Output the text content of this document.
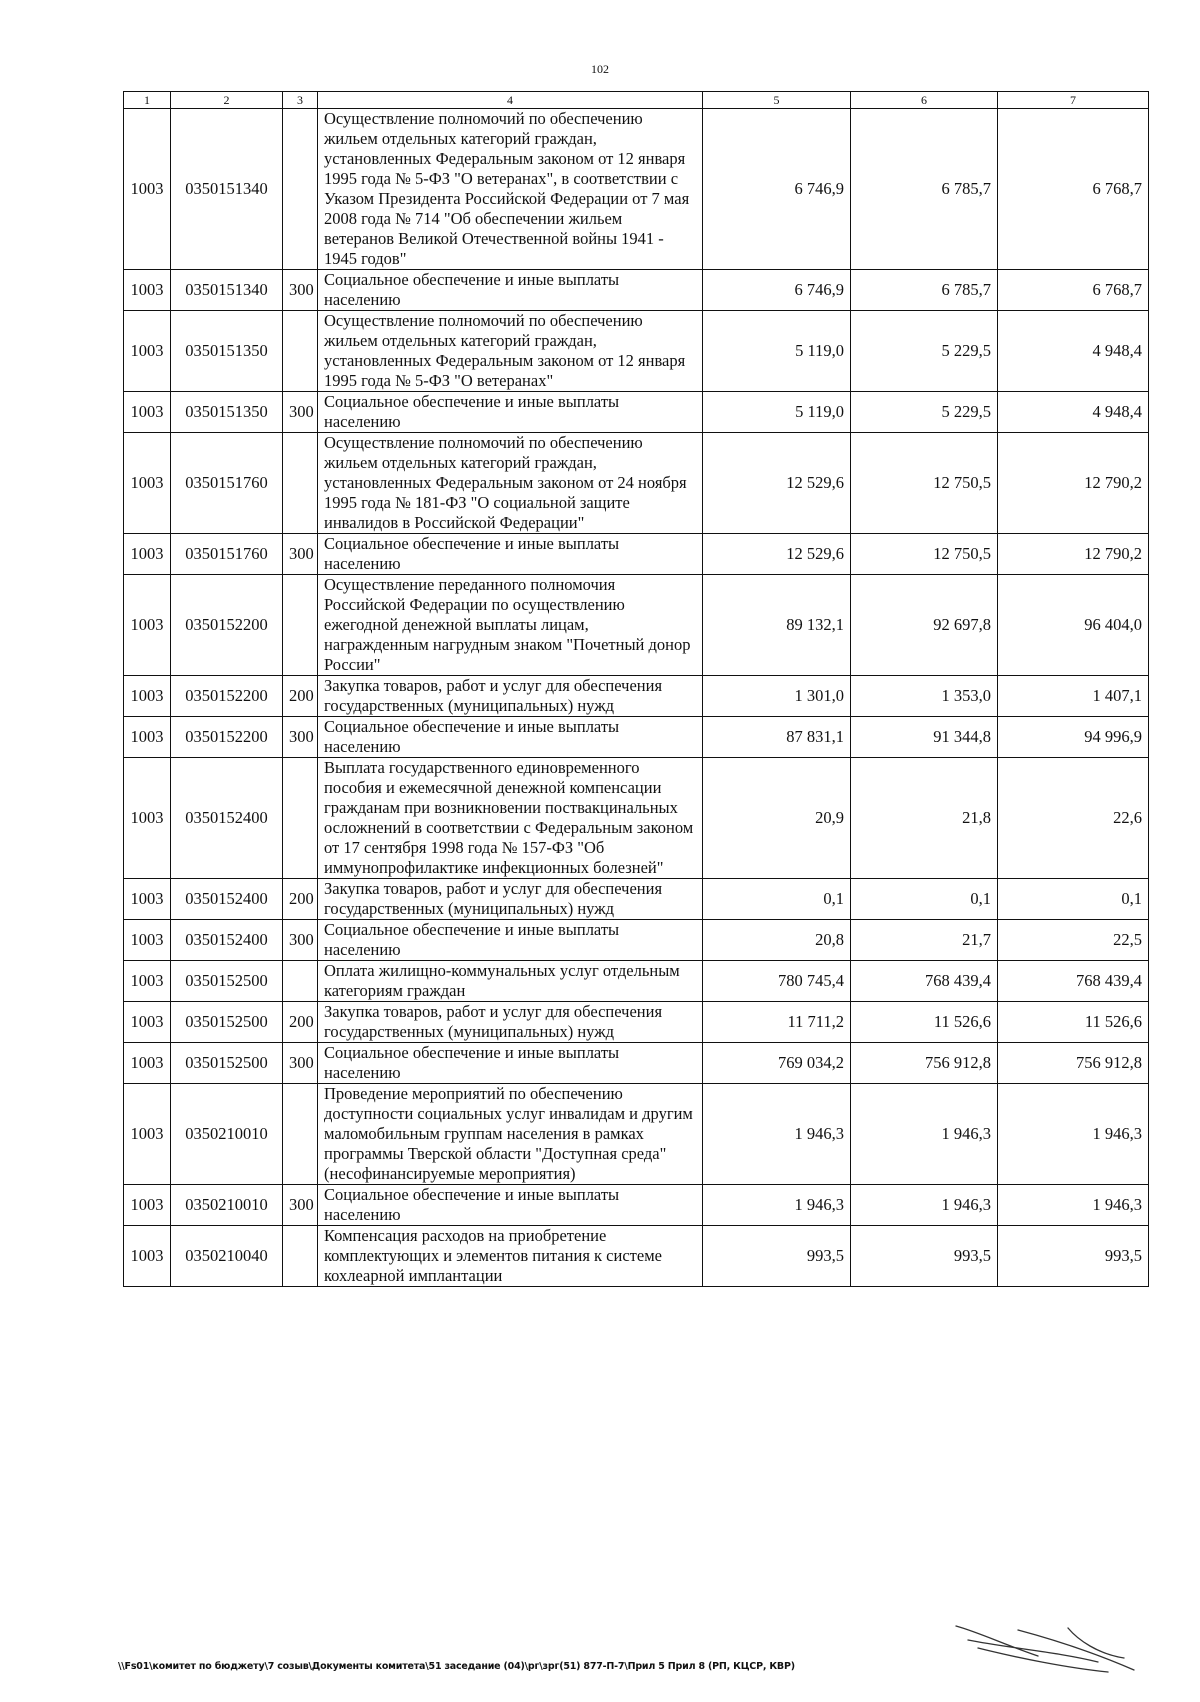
102
1	2	3	4	5	6	7
1003	0350151340		Осуществление полномочий по обеспечению жильем отдельных категорий граждан, установленных Федеральным законом от 12 января 1995 года № 5-ФЗ "О ветеранах", в соответствии с Указом Президента Российской Федерации от 7 мая 2008 года № 714 "Об обеспечении жильем ветеранов Великой Отечественной войны 1941 - 1945 годов"	6 746,9	6 785,7	6 768,7
1003	0350151340	300	Социальное обеспечение и иные выплаты населению	6 746,9	6 785,7	6 768,7
1003	0350151350		Осуществление полномочий по обеспечению жильем отдельных категорий граждан, установленных Федеральным законом от 12 января 1995 года № 5-ФЗ "О ветеранах"	5 119,0	5 229,5	4 948,4
1003	0350151350	300	Социальное обеспечение и иные выплаты населению	5 119,0	5 229,5	4 948,4
1003	0350151760		Осуществление полномочий по обеспечению жильем отдельных категорий граждан, установленных Федеральным законом от 24 ноября 1995 года № 181-ФЗ "О социальной защите инвалидов в Российской Федерации"	12 529,6	12 750,5	12 790,2
1003	0350151760	300	Социальное обеспечение и иные выплаты населению	12 529,6	12 750,5	12 790,2
1003	0350152200		Осуществление переданного полномочия Российской Федерации по осуществлению ежегодной денежной выплаты лицам, награжденным нагрудным знаком "Почетный донор России"	89 132,1	92 697,8	96 404,0
1003	0350152200	200	Закупка товаров, работ и услуг для обеспечения государственных (муниципальных) нужд	1 301,0	1 353,0	1 407,1
1003	0350152200	300	Социальное обеспечение и иные выплаты населению	87 831,1	91 344,8	94 996,9
1003	0350152400		Выплата государственного единовременного пособия и ежемесячной денежной компенсации гражданам при возникновении поствакцинальных осложнений в соответствии с Федеральным законом от 17 сентября 1998 года № 157-ФЗ "Об иммунопрофилактике инфекционных болезней"	20,9	21,8	22,6
1003	0350152400	200	Закупка товаров, работ и услуг для обеспечения государственных (муниципальных) нужд	0,1	0,1	0,1
1003	0350152400	300	Социальное обеспечение и иные выплаты населению	20,8	21,7	22,5
1003	0350152500		Оплата жилищно-коммунальных услуг отдельным категориям граждан	780 745,4	768 439,4	768 439,4
1003	0350152500	200	Закупка товаров, работ и услуг для обеспечения государственных (муниципальных) нужд	11 711,2	11 526,6	11 526,6
1003	0350152500	300	Социальное обеспечение и иные выплаты населению	769 034,2	756 912,8	756 912,8
1003	0350210010		Проведение мероприятий по обеспечению доступности социальных услуг инвалидам и другим маломобильным группам населения в рамках программы Тверской области "Доступная среда" (несофинансируемые мероприятия)	1 946,3	1 946,3	1 946,3
1003	0350210010	300	Социальное обеспечение и иные выплаты населению	1 946,3	1 946,3	1 946,3
1003	0350210040		Компенсация расходов на приобретение комплектующих и элементов питания к системе кохлеарной имплантации	993,5	993,5	993,5
\\Fs01\комитет по бюджету\7 созыв\Документы комитета\51 заседание (04)\рг\зрг(51) 877-П-7\Прил 5 Прил 8 (РП, КЦСР, КВР)
